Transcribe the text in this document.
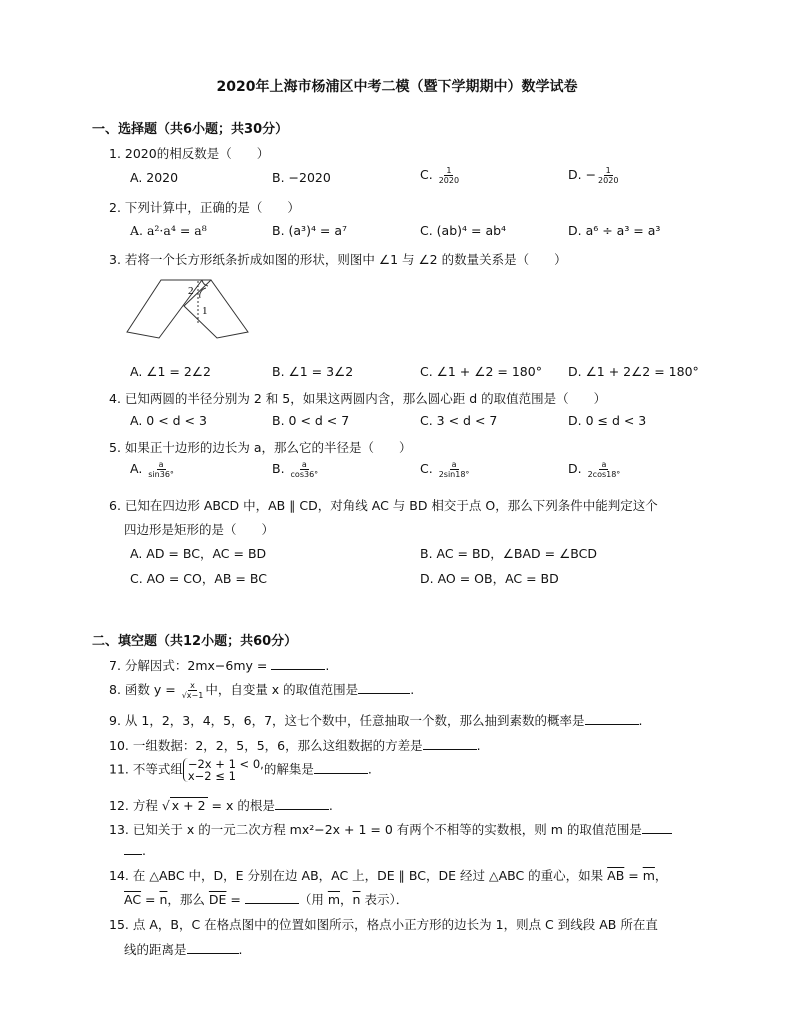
2020年上海市杨浦区中考二模（暨下学期期中）数学试卷
一、选择题（共6小题；共30分）
1. 2020的相反数是（　　）
A. 2020	B. −2020	C. $\frac{1}{2020}$	D. − $\frac{1}{2020}$
2. 下列计算中，正确的是（　　）
A. a²·a⁴ = a⁸	B. (a³)⁴ = a⁷	C. (ab)⁴ = ab⁴	D. a⁶ ÷ a³ = a³
3. 若将一个长方形纸条折成如图的形状，则图中 ∠1 与 ∠2 的数量关系是（　　）
2
1
A. ∠1 = 2∠2	B. ∠1 = 3∠2	C. ∠1 + ∠2 = 180° D. ∠1 + 2∠2 = 180°
4. 已知两圆的半径分别为 2 和 5，如果这两圆内含，那么圆心距 d 的取值范围是（　　）
A. 0 < d < 3	B. 0 < d < 7	C. 3 < d < 7	D. 0 ≤ d < 3
5. 如果正十边形的边长为 a，那么它的半径是（　　）
A. $\frac{a}{\sin 36^\circ}$	B. $\frac{a}{\cos 36^\circ}$	C. $\frac{a}{2\sin 18^\circ}$	D. $\frac{a}{2\cos 18^\circ}$
6. 已知在四边形 ABCD 中，AB ∥ CD，对角线 AC 与 BD 相交于点 O，那么下列条件中能判定这个
四边形是矩形的是（　　）
A. AD = BC，AC = BD	B. AC = BD，∠BAD = ∠BCD
C. AO = CO，AB = BC	D. AO = OB，AC = BD
二、填空题（共12小题；共60分）
7. 分解因式：2mx−6my =	.
8. 函数 $y = \frac{x}{√x-1}$ 中，自变量 x 的取值范围是	.
9. 从 1，2，3，4，5，6，7，这七个数中，任意抽取一个数，那么抽到素数的概率是	.
10. 一组数据：2，2，5，5，6，那么这组数据的方差是	.
11. 不等式组 −2x + 1 < 0,
x−2 ≤ 1	的解集是	.
12. 方程 √ x + 2 = x 的根是	.
13. 已知关于 x 的一元二次方程 mx²−2x + 1 = 0 有两个不相等的实数根，则 m 的取值范围是
.
14. 在 △ABC 中，D，E 分别在边 AB，AC 上，DE ∥ BC，DE 经过 △ABC 的重心，如果 $\overline{AB} = \overline{m}$，
$\overline{AC} = \overline{n}$，那么 $\overline{DE}$ =	（用 $\overline{m}$，$\overline{n}$ 表示）．
15. 点 A，B，C 在格点图中的位置如图所示，格点小正方形的边长为 1，则点 C 到线段 AB 所在直
线的距离是	.
